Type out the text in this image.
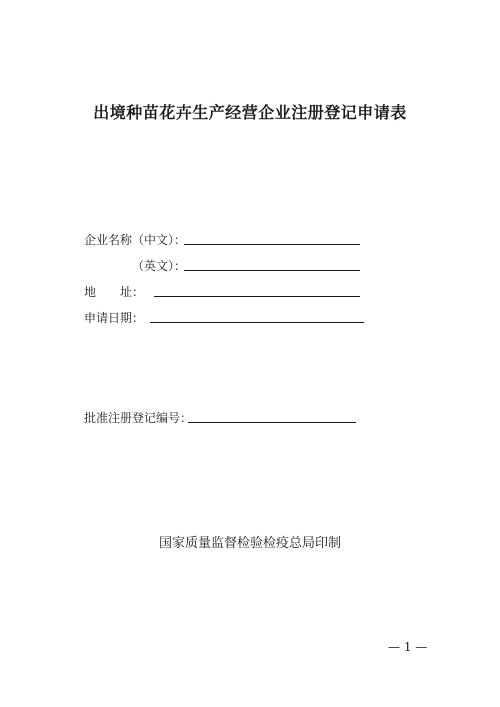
出境种苗花卉生产经营企业注册登记申请表
企业名称（中文）：
（英文）：
地　　址：
申请日期：
批准注册登记编号：
国家质量监督检验检疫总局印制
— 1 —
